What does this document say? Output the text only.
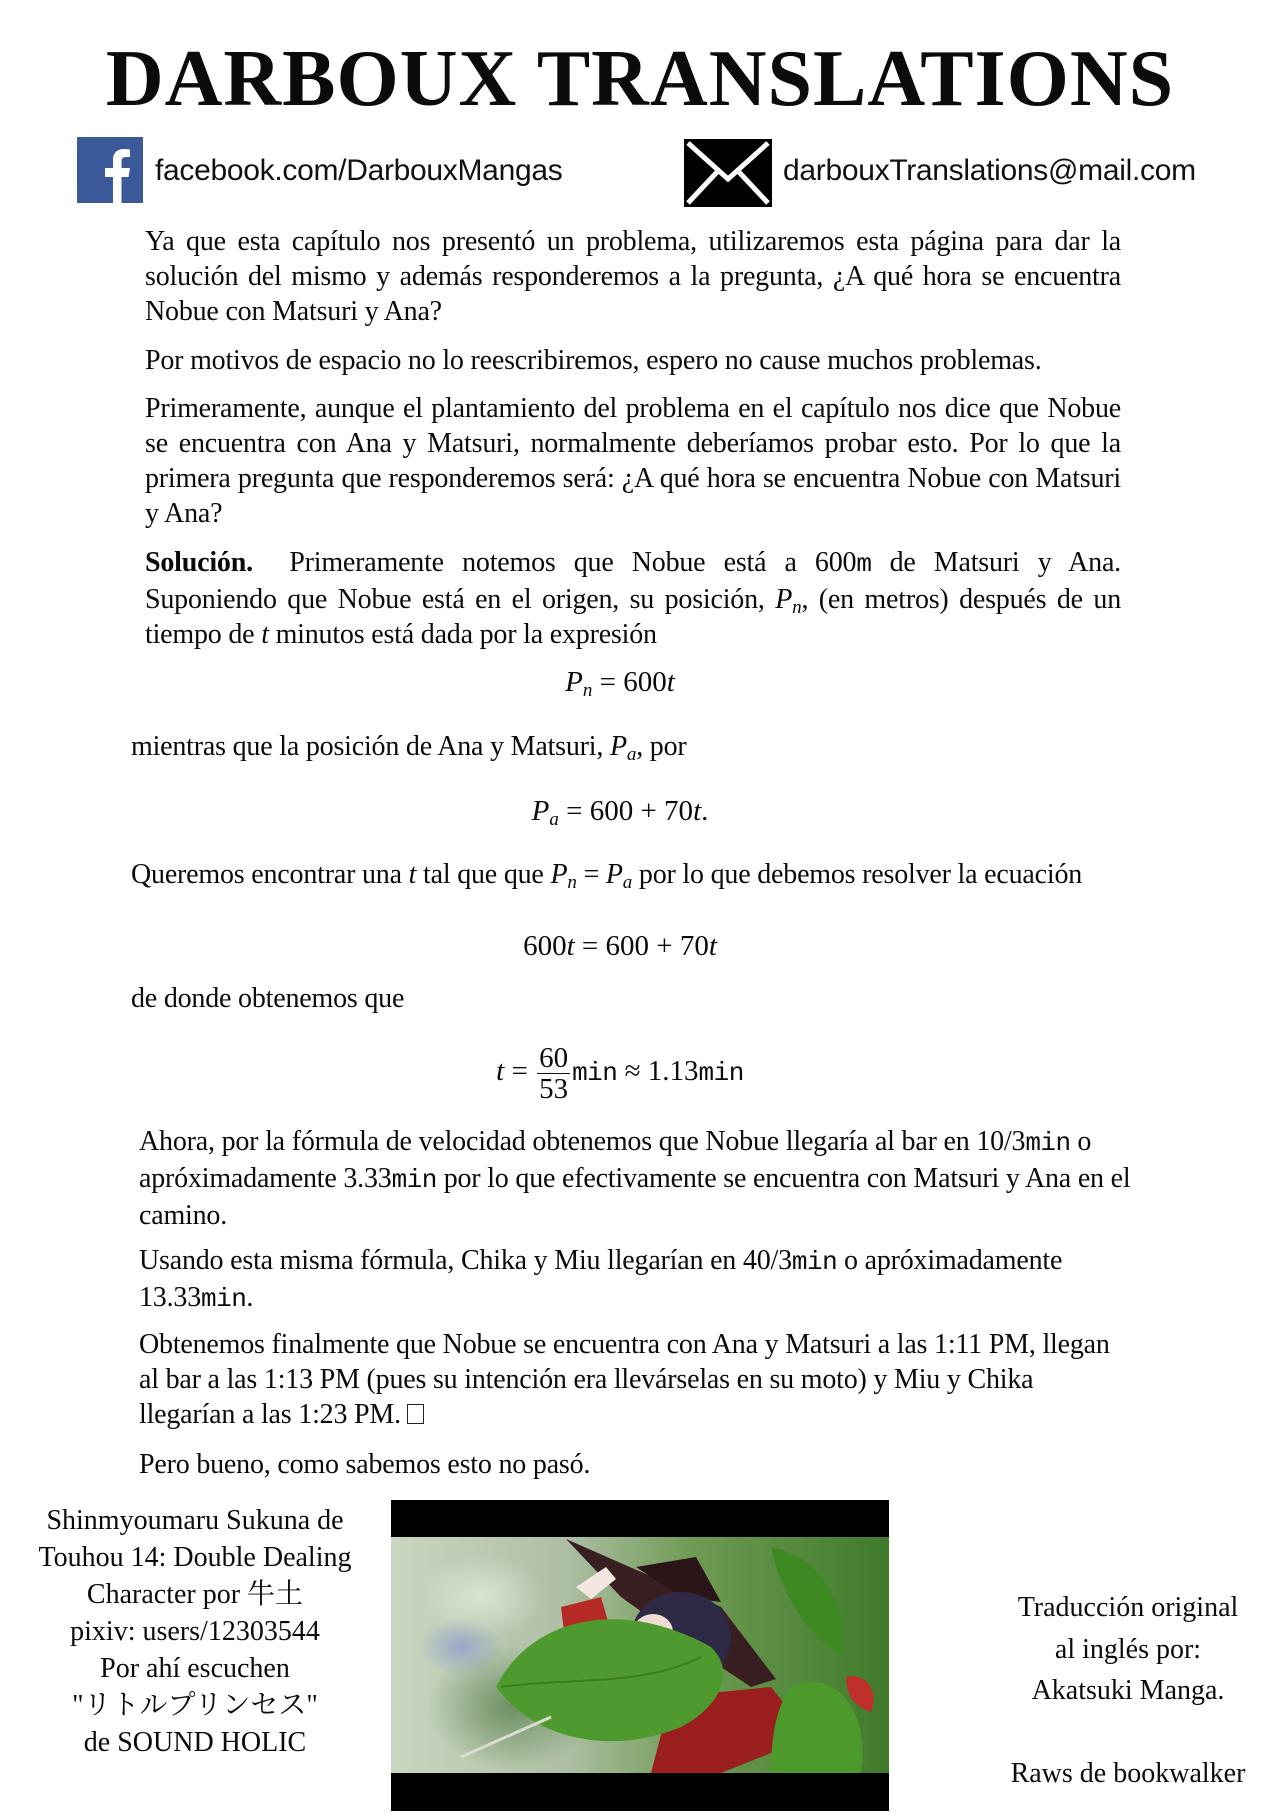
DARBOUX TRANSLATIONS
facebook.com/DarbouxMangas	darbouxTranslations@mail.com
Ya que esta capítulo nos presentó un problema, utilizaremos esta página para dar la solución del mismo y además responderemos a la pregunta, ¿A qué hora se encuentra Nobue con Matsuri y Ana?
Por motivos de espacio no lo reescribiremos, espero no cause muchos problemas.
Primeramente, aunque el plantamiento del problema en el capítulo nos dice que Nobue se encuentra con Ana y Matsuri, normalmente deberíamos probar esto. Por lo que la primera pregunta que responderemos será: ¿A qué hora se encuentra Nobue con Matsuri y Ana?
Solución. Primeramente notemos que Nobue está a 600m de Matsuri y Ana. Suponiendo que Nobue está en el origen, su posición, $P_n$, (en metros) después de un tiempo de t minutos está dada por la expresión
$P_n = 600t$
mientras que la posición de Ana y Matsuri, $P_a$, por
$P_a = 600 + 70t$.
Queremos encontrar una t tal que que $P_n = P_a$ por lo que debemos resolver la ecuación
600t = 600 + 70t
de donde obtenemos que
$t = \frac{60}{53}$ min ≈ 1.13min
Ahora, por la fórmula de velocidad obtenemos que Nobue llegaría al bar en 10/3min o apróximadamente 3.33min por lo que efectivamente se encuentra con Matsuri y Ana en el camino.
Usando esta misma fórmula, Chika y Miu llegarían en 40/3min o apróximadamente 13.33min.
Obtenemos finalmente que Nobue se encuentra con Ana y Matsuri a las 1:11 PM, llegan al bar a las 1:13 PM (pues su intención era llevárselas en su moto) y Miu y Chika llegarían a las 1:23 PM.
Pero bueno, como sabemos esto no pasó.
Shinmyoumaru Sukuna de
Touhou 14: Double Dealing
Character por 牛土
pixiv: users/12303544
Por ahí escuchen
"リトルプリンセス"
de SOUND HOLIC
Traducción original
al inglés por:
Akatsuki Manga.
Raws de bookwalker
